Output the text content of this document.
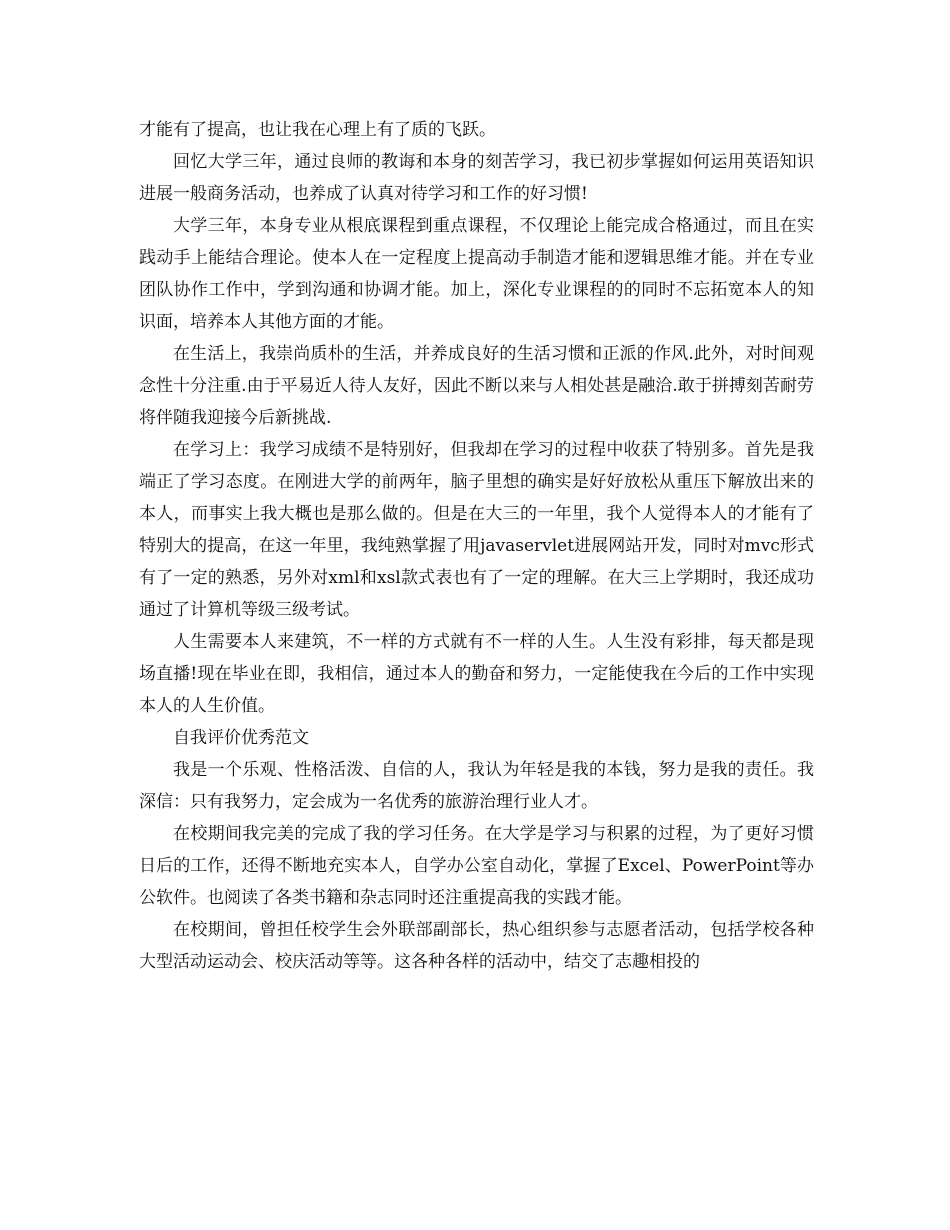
才能有了提高，也让我在心理上有了质的飞跃。

回忆大学三年，通过良师的教诲和本身的刻苦学习，我已初步掌握如何运用英语知识进展一般商务活动，也养成了认真对待学习和工作的好习惯!

大学三年，本身专业从根底课程到重点课程，不仅理论上能完成合格通过，而且在实践动手上能结合理论。使本人在一定程度上提高动手制造才能和逻辑思维才能。并在专业团队协作工作中，学到沟通和协调才能。加上，深化专业课程的的同时不忘拓宽本人的知识面，培养本人其他方面的才能。

在生活上，我崇尚质朴的生活，并养成良好的生活习惯和正派的作风.此外，对时间观念性十分注重.由于平易近人待人友好，因此不断以来与人相处甚是融洽.敢于拼搏刻苦耐劳将伴随我迎接今后新挑战.

在学习上：我学习成绩不是特别好，但我却在学习的过程中收获了特别多。首先是我端正了学习态度。在刚进大学的前两年，脑子里想的确实是好好放松从重压下解放出来的本人，而事实上我大概也是那么做的。但是在大三的一年里，我个人觉得本人的才能有了特别大的提高，在这一年里，我纯熟掌握了用javaservlet进展网站开发，同时对mvc形式有了一定的熟悉，另外对xml和xsl款式表也有了一定的理解。在大三上学期时，我还成功通过了计算机等级三级考试。

人生需要本人来建筑，不一样的方式就有不一样的人生。人生没有彩排，每天都是现场直播!现在毕业在即，我相信，通过本人的勤奋和努力，一定能使我在今后的工作中实现本人的人生价值。

自我评价优秀范文

我是一个乐观、性格活泼、自信的人，我认为年轻是我的本钱，努力是我的责任。我深信：只有我努力，定会成为一名优秀的旅游治理行业人才。

在校期间我完美的完成了我的学习任务。在大学是学习与积累的过程，为了更好习惯日后的工作，还得不断地充实本人，自学办公室自动化，掌握了Excel、PowerPoint等办公软件。也阅读了各类书籍和杂志同时还注重提高我的实践才能。

在校期间，曾担任校学生会外联部副部长，热心组织参与志愿者活动，包括学校各种大型活动运动会、校庆活动等等。这各种各样的活动中，结交了志趣相投的
